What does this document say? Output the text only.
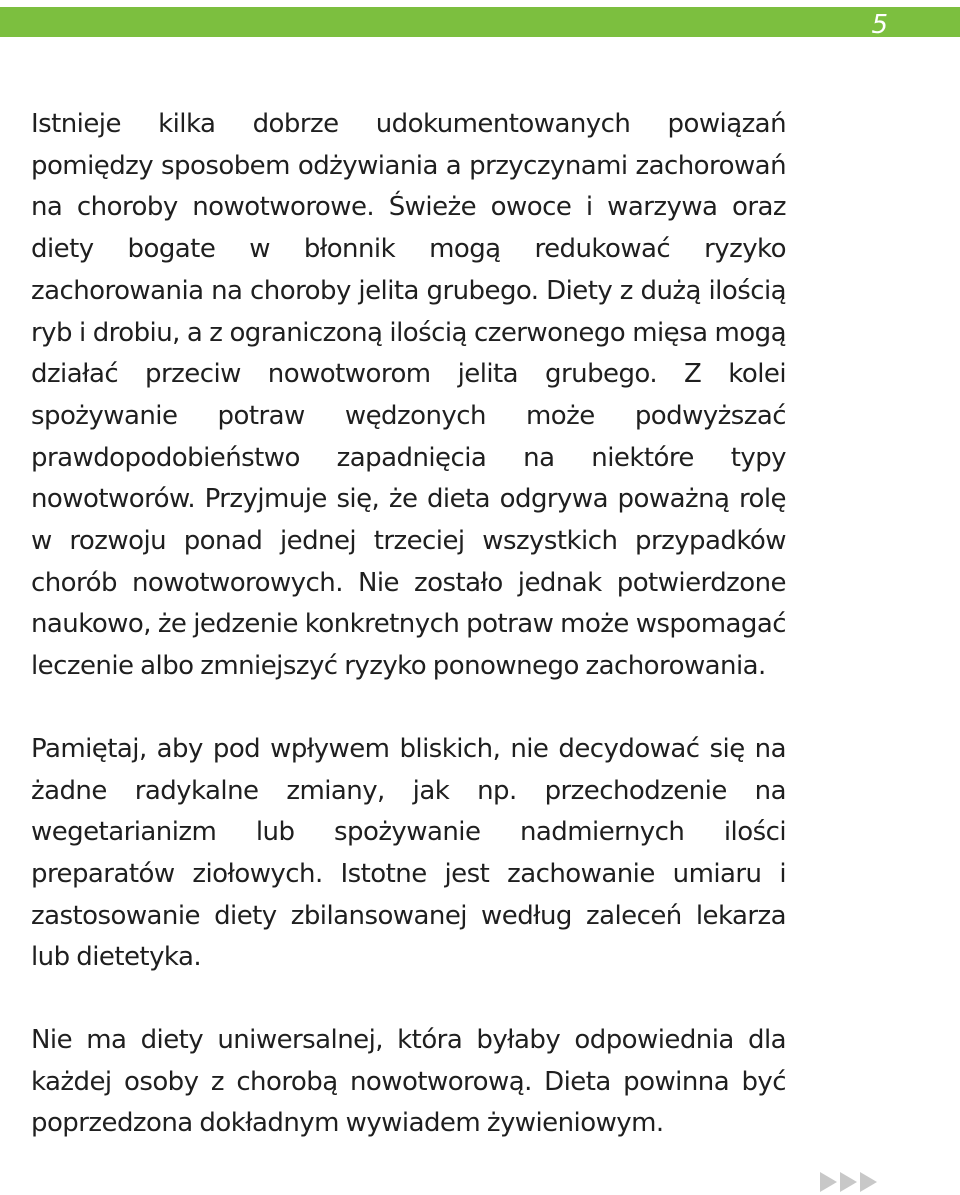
5

Istnieje kilka dobrze udokumentowanych powiązań pomiędzy sposobem odżywiania a przyczynami zachorowań na choroby nowotworowe. Świeże owoce i warzywa oraz diety bogate w błonnik mogą redukować ryzyko zachorowania na choroby jelita grubego. Diety z dużą ilością ryb i drobiu, a z ograniczoną ilością czerwonego mięsa mogą działać przeciw nowotworom jelita grubego. Z kolei spożywanie potraw wędzonych może podwyższać prawdopodobieństwo zapadnięcia na niektóre typy nowotworów. Przyjmuje się, że dieta odgrywa poważną rolę w rozwoju ponad jednej trzeciej wszystkich przypadków chorób nowotworowych. Nie zostało jednak potwierdzone naukowo, że jedzenie konkretnych potraw może wspomagać leczenie albo zmniejszyć ryzyko ponownego zachorowania.

Pamiętaj, aby pod wpływem bliskich, nie decydować się na żadne radykalne zmiany, jak np. przechodzenie na wegetarianizm lub spożywanie nadmiernych ilości preparatów ziołowych. Istotne jest zachowanie umiaru i zastosowanie diety zbilansowanej według zaleceń lekarza lub dietetyka.

Nie ma diety uniwersalnej, która byłaby odpowiednia dla każdej osoby z chorobą nowotworową. Dieta powinna być poprzedzona dokładnym wywiadem żywieniowym.
